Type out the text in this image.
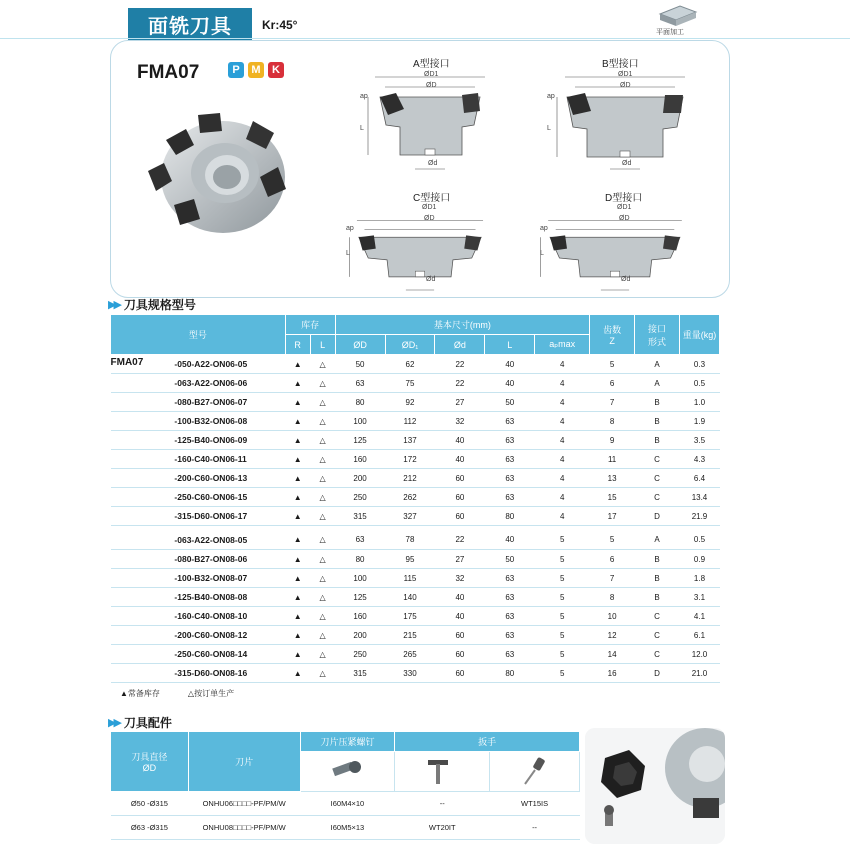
面铣刀具	Kr:45°
平面加工
FMA07	P	M	K	A型接口
ØD1
ØD
Ød
ap
L
B型接口
ØD1
ØD
Ød
ap
L
C型接口
ØD1
ØD
Ød
ap
L
D型接口
ØD1
ØD
Ød
ap
L
▶▶ 刀具规格型号
型号		库存		基本尺寸(mm)					齿数
Z	接口
形式	重量(kg)
		R	L	ØD	ØD₁	Ød	L	aₚmax			
FMA07	-050-A22-ON06-05	▲	△	50	62	22	40	4	5	A	0.3
	-063-A22-ON06-06	▲	△	63	75	22	40	4	6	A	0.5
	-080-B27-ON06-07	▲	△	80	92	27	50	4	7	B	1.0
	-100-B32-ON06-08	▲	△	100	112	32	63	4	8	B	1.9
	-125-B40-ON06-09	▲	△	125	137	40	63	4	9	B	3.5
	-160-C40-ON06-11	▲	△	160	172	40	63	4	11	C	4.3
	-200-C60-ON06-13	▲	△	200	212	60	63	4	13	C	6.4
	-250-C60-ON06-15	▲	△	250	262	60	63	4	15	C	13.4
	-315-D60-ON06-17	▲	△	315	327	60	80	4	17	D	21.9

	-063-A22-ON08-05	▲	△	63	78	22	40	5	5	A	0.5
	-080-B27-ON08-06	▲	△	80	95	27	50	5	6	B	0.9
	-100-B32-ON08-07	▲	△	100	115	32	63	5	7	B	1.8
	-125-B40-ON08-08	▲	△	125	140	40	63	5	8	B	3.1
	-160-C40-ON08-10	▲	△	160	175	40	63	5	10	C	4.1
	-200-C60-ON08-12	▲	△	200	215	60	63	5	12	C	6.1
	-250-C60-ON08-14	▲	△	250	265	60	63	5	14	C	12.0
	-315-D60-ON08-16	▲	△	315	330	60	80	5	16	D	21.0
▲常备库存	△按订单生产
▶▶ 刀具配件
刀具直径
ØD	刀片	刀片压紧螺钉	扳手	

Ø50 -Ø315	ONHU06□□□□-PF/PM/W	I60M4×10	--	WT15IS
Ø63 -Ø315	ONHU08□□□□-PF/PM/W	I60M5×13	WT20IT	--
